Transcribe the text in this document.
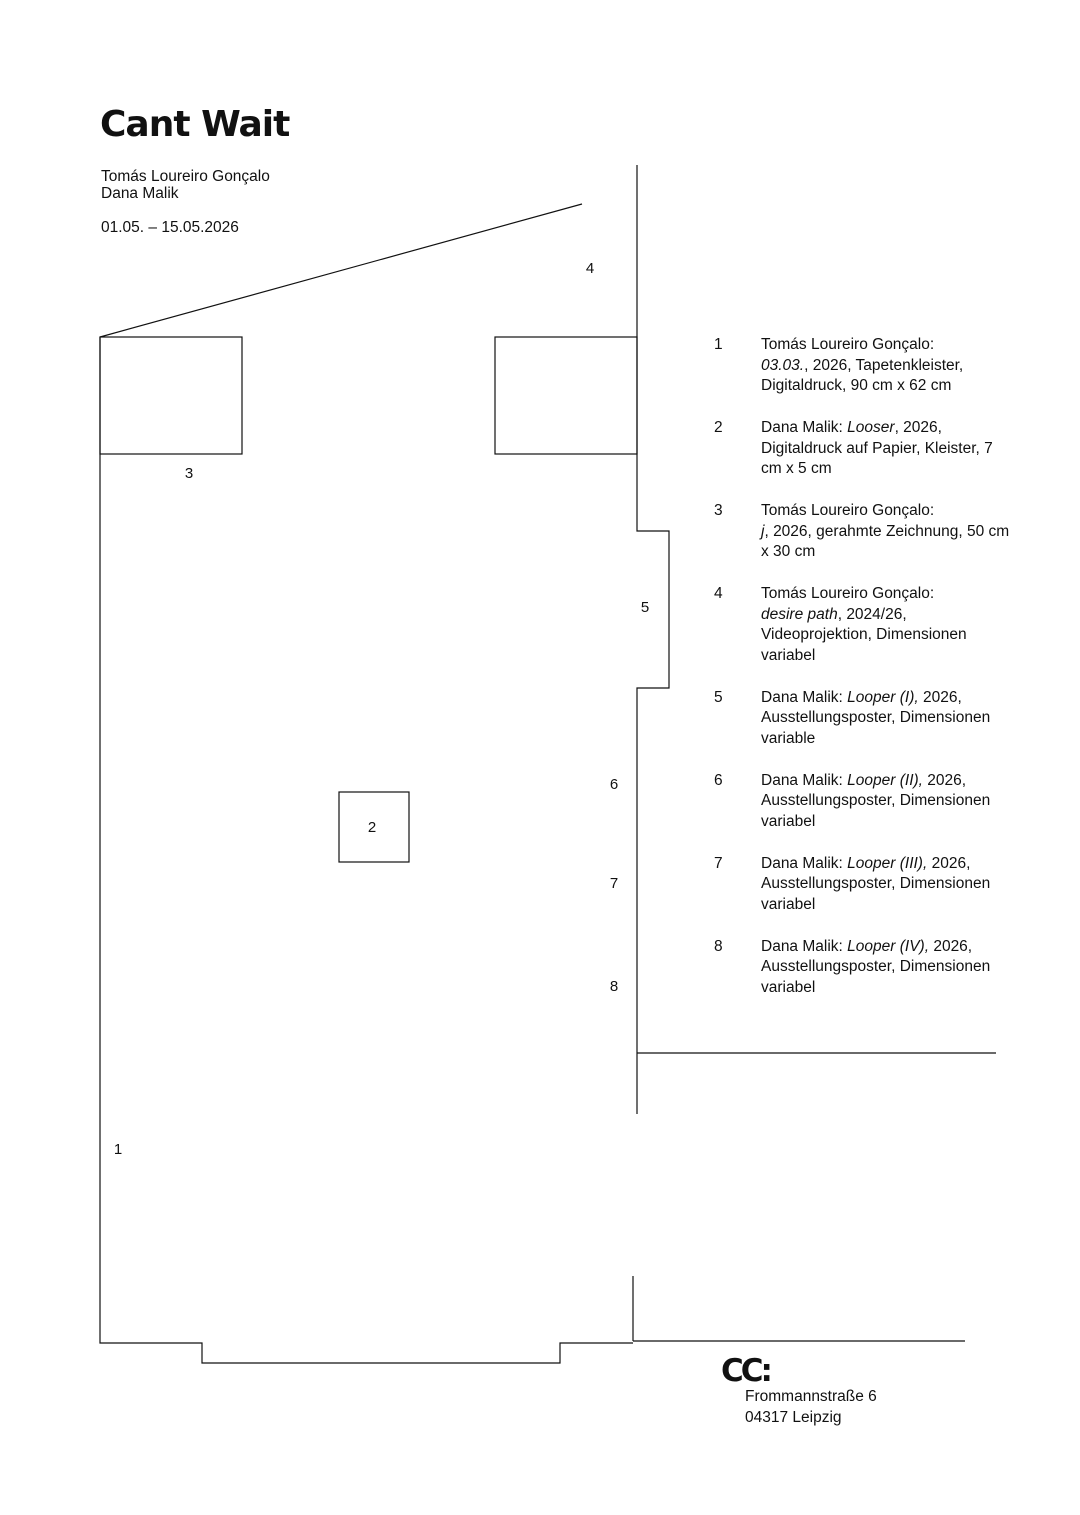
Cant Wait

Tomás Loureiro Gonçalo

Dana Malik

01.05. – 15.05.2026

1
2
3
4
5
6
7
8
1	Tomás Loureiro Gonçalo:
03.03., 2026, Tapetenkleister, Digitaldruck, 90 cm x 62 cm
2	Dana Malik: Looser, 2026, Digitaldruck auf Papier, Kleister, 7 cm x 5 cm
3	Tomás Loureiro Gonçalo:
j, 2026, gerahmte Zeichnung, 50 cm x 30 cm
4	Tomás Loureiro Gonçalo:
desire path, 2024/26, Videoprojektion, Dimensionen variabel
5	Dana Malik: Looper (I), 2026, Ausstellungsposter, Dimensionen variable
6	Dana Malik: Looper (II), 2026, Ausstellungsposter, Dimensionen variabel
7	Dana Malik: Looper (III), 2026, Ausstellungsposter, Dimensionen variabel
8	Dana Malik: Looper (IV), 2026, Ausstellungsposter, Dimensionen variabel
CC:

Frommannstraße 6

04317 Leipzig
